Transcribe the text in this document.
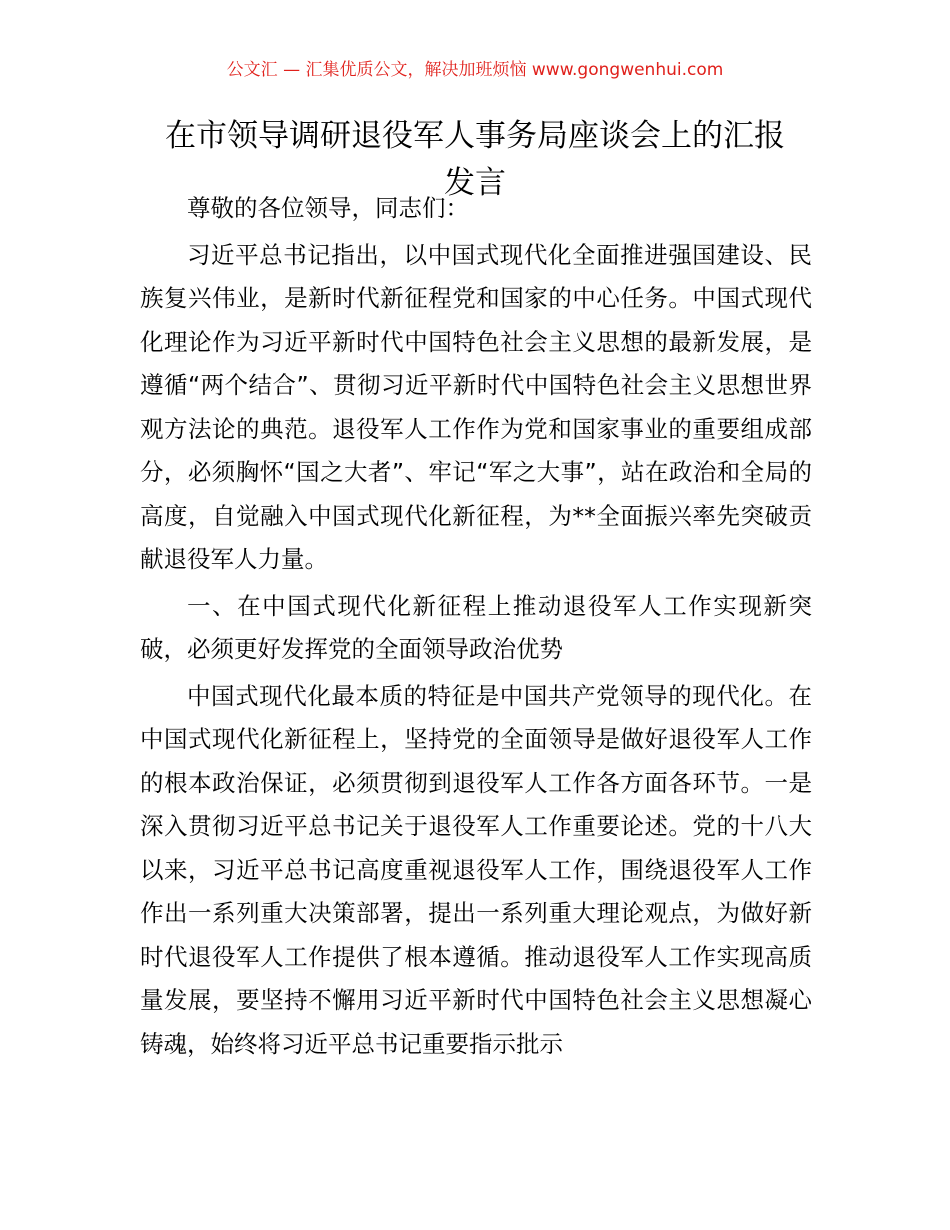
公文汇 — 汇集优质公文，解决加班烦恼 www.gongwenhui.com
在市领导调研退役军人事务局座谈会上的汇报
发言

尊敬的各位领导，同志们：

习近平总书记指出，以中国式现代化全面推进强国建设、民族复兴伟业，是新时代新征程党和国家的中心任务。中国式现代化理论作为习近平新时代中国特色社会主义思想的最新发展，是遵循“两个结合”、贯彻习近平新时代中国特色社会主义思想世界观方法论的典范。退役军人工作作为党和国家事业的重要组成部分，必须胸怀“国之大者”、牢记“军之大事”，站在政治和全局的高度，自觉融入中国式现代化新征程，为**全面振兴率先突破贡献退役军人力量。

一、在中国式现代化新征程上推动退役军人工作实现新突破，必须更好发挥党的全面领导政治优势

中国式现代化最本质的特征是中国共产党领导的现代化。在中国式现代化新征程上，坚持党的全面领导是做好退役军人工作的根本政治保证，必须贯彻到退役军人工作各方面各环节。一是深入贯彻习近平总书记关于退役军人工作重要论述。党的十八大以来，习近平总书记高度重视退役军人工作，围绕退役军人工作作出一系列重大决策部署，提出一系列重大理论观点，为做好新时代退役军人工作提供了根本遵循。推动退役军人工作实现高质量发展，要坚持不懈用习近平新时代中国特色社会主义思想凝心铸魂，始终将习近平总书记重要指示批示
